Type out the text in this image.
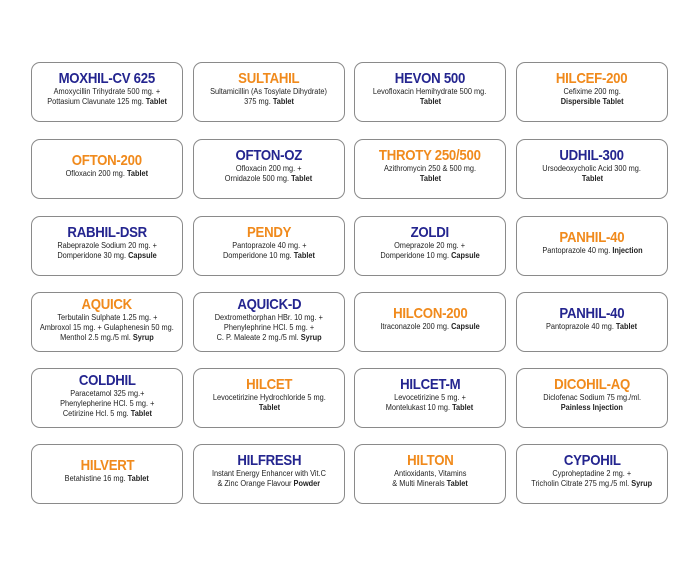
MOXHIL-CV 625
Amoxycillin Trihydrate 500 mg. +
Pottasium Clavunate 125 mg. Tablet
SULTAHIL
Sultamicillin (As Tosylate Dihydrate)
375 mg. Tablet
HEVON 500
Levofloxacin Hemihydrate 500 mg.
Tablet
HILCEF-200
Cefixime 200 mg.
Dispersible Tablet
OFTON-200
Ofloxacin 200 mg. Tablet
OFTON-OZ
Ofloxacin 200 mg. +
Ornidazole 500 mg. Tablet
THROTY 250/500
Azithromycin 250 & 500 mg.
Tablet
UDHIL-300
Ursodeoxycholic Acid 300 mg.
Tablet
RABHIL-DSR
Rabeprazole Sodium 20 mg. +
Domperidone 30 mg. Capsule
PENDY
Pantoprazole 40 mg. +
Domperidone 10 mg. Tablet
ZOLDI
Omeprazole 20 mg. +
Domperidone 10 mg. Capsule
PANHIL-40
Pantoprazole 40 mg. Injection
AQUICK
Terbutalin Sulphate 1.25 mg. +
Ambroxol 15 mg. + Gulaphenesin 50 mg.
Menthol 2.5 mg./5 ml. Syrup
AQUICK-D
Dextromethorphan HBr. 10 mg. +
Phenylephrine HCl. 5 mg. +
C. P. Maleate 2 mg./5 ml. Syrup
HILCON-200
Itraconazole 200 mg. Capsule
PANHIL-40
Pantoprazole 40 mg. Tablet
COLDHIL
Paracetamol 325 mg.+
Phenylepherine HCl. 5 mg. +
Cetirizine Hcl. 5 mg. Tablet
HILCET
Levocetirizine Hydrochloride 5 mg.
Tablet
HILCET-M
Levocetirizine 5 mg. +
Montelukast 10 mg. Tablet
DICOHIL-AQ
Diclofenac Sodium 75 mg./ml.
Painless Injection
HILVERT
Betahistine 16 mg. Tablet
HILFRESH
Instant Energy Enhancer with Vit.C
& Zinc Orange Flavour Powder
HILTON
Antioxidants, Vitamins
& Multi Minerals Tablet
CYPOHIL
Cyproheptadine 2 mg. +
Tricholin Citrate 275 mg./5 ml. Syrup
